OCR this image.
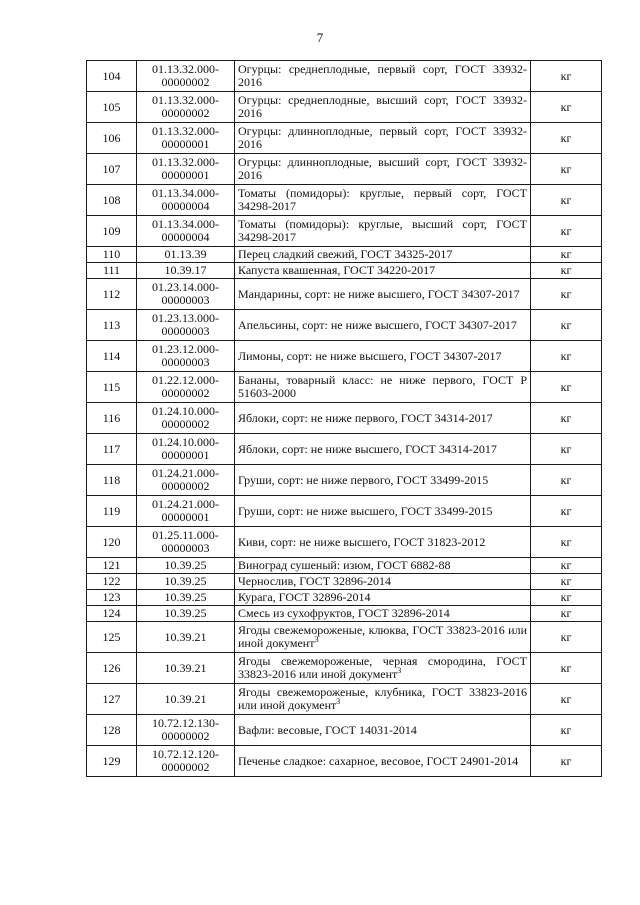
7
104	01.13.32.000-00000002	Огурцы: среднеплодные, первый сорт, ГОСТ 33932-2016	кг
105	01.13.32.000-00000002	Огурцы: среднеплодные, высший сорт, ГОСТ 33932-2016	кг
106	01.13.32.000-00000001	Огурцы: длинноплодные, первый сорт, ГОСТ 33932-2016	кг
107	01.13.32.000-00000001	Огурцы: длинноплодные, высший сорт, ГОСТ 33932-2016	кг
108	01.13.34.000-00000004	Томаты (помидоры): круглые, первый сорт, ГОСТ 34298-2017	кг
109	01.13.34.000-00000004	Томаты (помидоры): круглые, высший сорт, ГОСТ 34298-2017	кг
110	01.13.39	Перец сладкий свежий, ГОСТ 34325-2017	кг
111	10.39.17	Капуста квашенная, ГОСТ 34220-2017	кг
112	01.23.14.000-00000003	Мандарины, сорт: не ниже высшего, ГОСТ 34307-2017	кг
113	01.23.13.000-00000003	Апельсины, сорт: не ниже высшего, ГОСТ 34307-2017	кг
114	01.23.12.000-00000003	Лимоны, сорт: не ниже высшего, ГОСТ 34307-2017	кг
115	01.22.12.000-00000002	Бананы, товарный класс: не ниже первого, ГОСТ Р 51603-2000	кг
116	01.24.10.000-00000002	Яблоки, сорт: не ниже первого, ГОСТ 34314-2017	кг
117	01.24.10.000-00000001	Яблоки, сорт: не ниже высшего, ГОСТ 34314-2017	кг
118	01.24.21.000-00000002	Груши, сорт: не ниже первого, ГОСТ 33499-2015	кг
119	01.24.21.000-00000001	Груши, сорт: не ниже высшего, ГОСТ 33499-2015	кг
120	01.25.11.000-00000003	Киви, сорт: не ниже высшего, ГОСТ 31823-2012	кг
121	10.39.25	Виноград сушеный: изюм, ГОСТ 6882-88	кг
122	10.39.25	Чернослив, ГОСТ 32896-2014	кг
123	10.39.25	Курага, ГОСТ 32896-2014	кг
124	10.39.25	Смесь из сухофруктов, ГОСТ 32896-2014	кг
125	10.39.21	Ягоды свежемороженые, клюква, ГОСТ 33823-2016 или иной документ$^3$	кг
126	10.39.21	Ягоды свежемороженые, черная смородина, ГОСТ 33823-2016 или иной документ$^3$	кг
127	10.39.21	Ягоды свежемороженые, клубника, ГОСТ 33823-2016 или иной документ$^3$	кг
128	10.72.12.130-00000002	Вафли: весовые, ГОСТ 14031-2014	кг
129	10.72.12.120-00000002	Печенье сладкое: сахарное, весовое, ГОСТ 24901-2014	кг
